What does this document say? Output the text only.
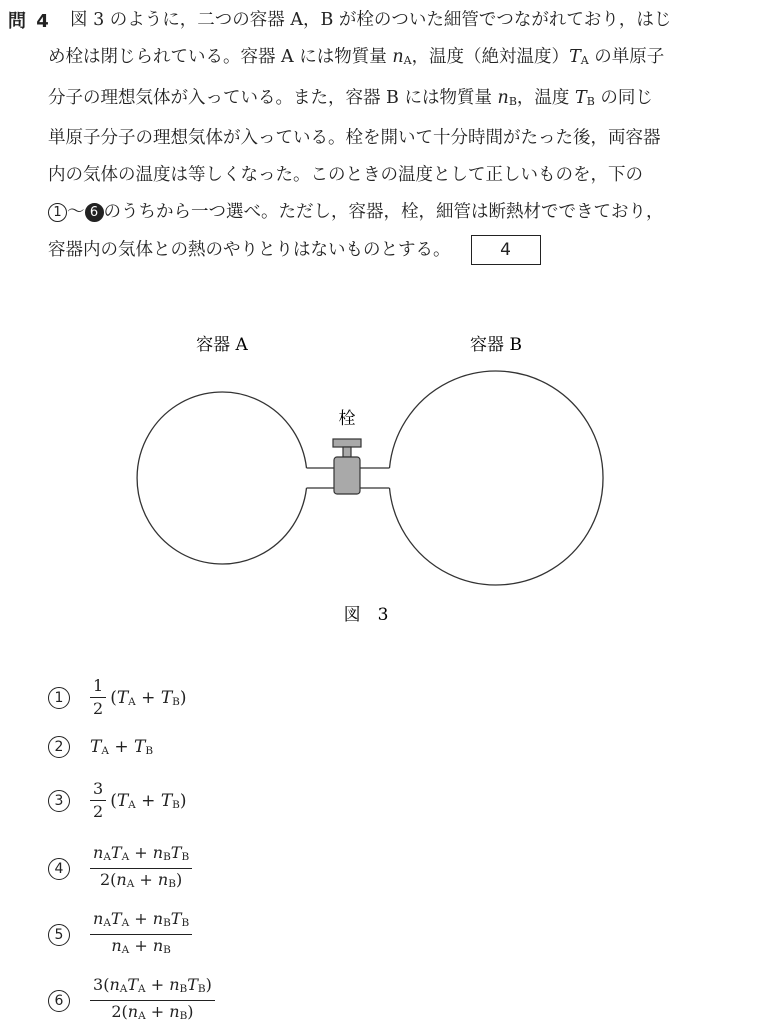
問 4	図 3 のように，二つの容器 A，B が栓のついた細管でつながれており，はじ
め栓は閉じられている。容器 A には物質量 nA，温度（絶対温度）TA の単原子
分子の理想気体が入っている。また，容器 B には物質量 nB，温度 TB の同じ
単原子分子の理想気体が入っている。栓を開いて十分時間がたった後，両容器
内の気体の温度は等しくなった。このときの温度として正しいものを，下の
1 ～ 6 のうちから一つ選べ。ただし，容器，栓，細管は断熱材でできており，
容器内の気体との熱のやりとりはないものとする。	4
容器 A	容器 B
栓
図　3
1	$\frac{1}{2} (TA + TB)$
2	TA + TB
3	$\frac{3}{2} (TA + TB)$
4	$\frac{\text{nATA + nBTB}}{2(nA + nB)}$
5	$\frac{\text{nATA + nBTB}}{nA + nB}$
6	$\frac{\text{3(nATA + nBTB)}}{2(nA + nB)}$
